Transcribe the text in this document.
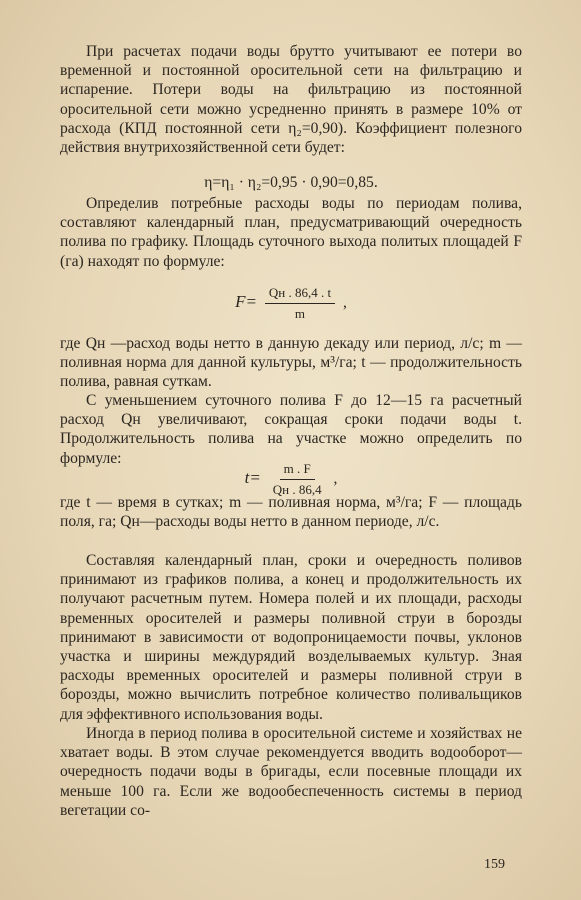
При расчетах подачи воды брутто учитывают ее потери во временной и постоянной оросительной сети на фильтрацию и испарение. Потери воды на фильтрацию из постоянной оросительной сети можно усредненно принять в размере 10% от расхода (КПД постоянной сети η₂=0,90). Коэффициент полезного действия внутрихозяйственной сети будет:

η=η₁ · η₂=0,95 · 0,90=0,85.

Определив потребные расходы воды по периодам полива, составляют календарный план, предусматривающий очередность полива по графику. Площадь суточного выхода политых площадей F (га) находят по формуле:

$F= \frac{Qн . 86,4 . t}{m}$ ,

где Qн —расход воды нетто в данную декаду или период, л/с; m — поливная норма для данной культуры, м³/га; t — продолжительность полива, равная суткам.

С уменьшением суточного полива F до 12—15 га расчетный расход Qн увеличивают, сокращая сроки подачи воды t. Продолжительность полива на участке можно определить по формуле:

$t= \frac{m . F}{Qн . 86,4}$ ,

где t — время в сутках; m — поливная норма, м³/га; F — площадь поля, га; Qн—расходы воды нетто в данном периоде, л/с.

Составляя календарный план, сроки и очередность поливов принимают из графиков полива, а конец и продолжительность их получают расчетным путем. Номера полей и их площади, расходы временных оросителей и размеры поливной струи в борозды принимают в зависимости от водопроницаемости почвы, уклонов участка и ширины междурядий возделываемых культур. Зная расходы временных оросителей и размеры поливной струи в борозды, можно вычислить потребное количество поливальщиков для эффективного использования воды.

Иногда в период полива в оросительной системе и хозяйствах не хватает воды. В этом случае рекомендуется вводить водооборот—очередность подачи воды в бригады, если посевные площади их меньше 100 га. Если же водообеспеченность системы в период вегетации со-

159
